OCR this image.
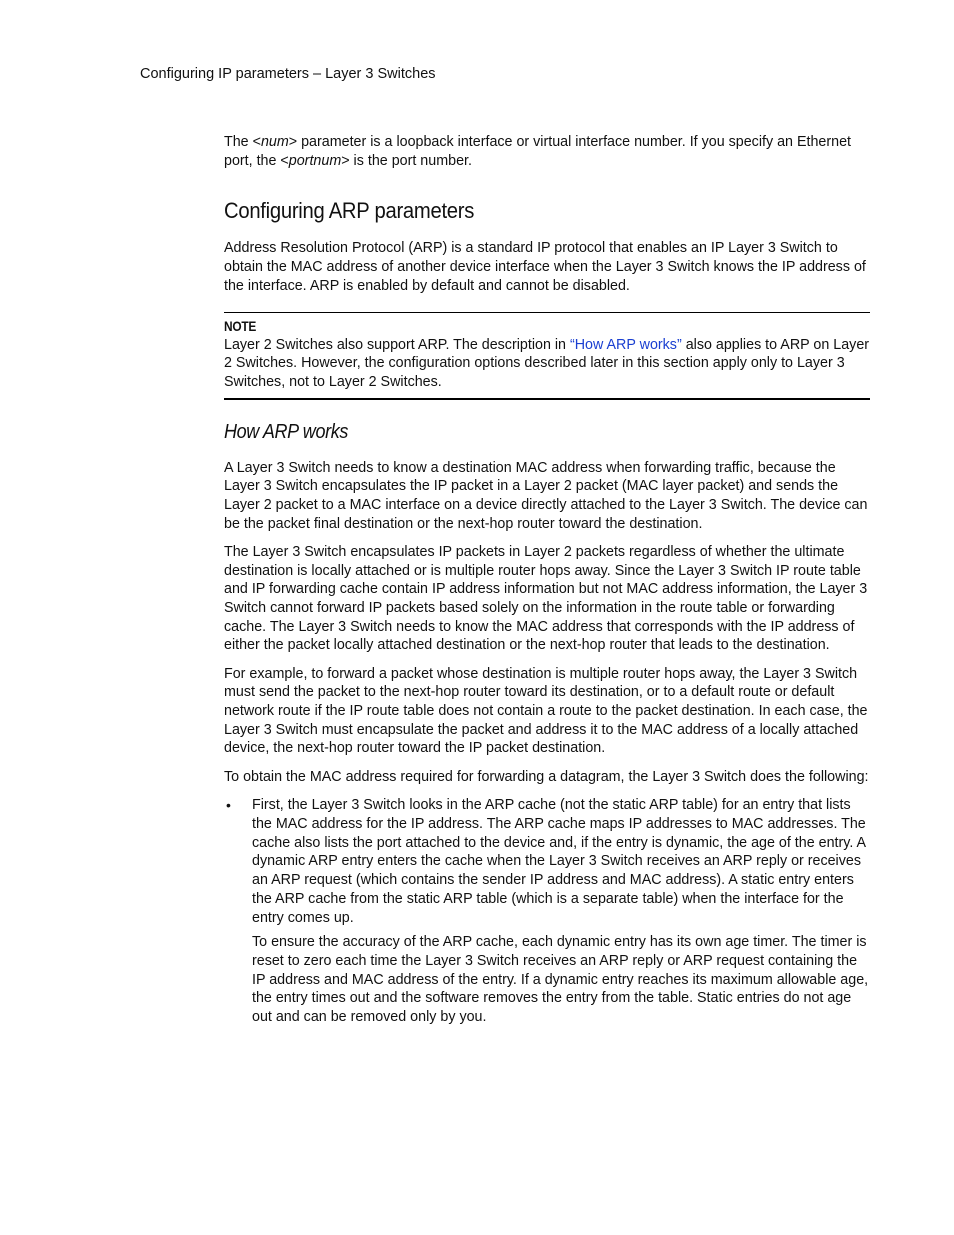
Configuring IP parameters – Layer 3 Switches

The <num> parameter is a loopback interface or virtual interface number. If you specify an Ethernet port, the <portnum> is the port number.

Configuring ARP parameters

Address Resolution Protocol (ARP) is a standard IP protocol that enables an IP Layer 3 Switch to obtain the MAC address of another device interface when the Layer 3 Switch knows the IP address of the interface. ARP is enabled by default and cannot be disabled.

NOTE

Layer 2 Switches also support ARP. The description in “How ARP works” also applies to ARP on Layer 2 Switches. However, the configuration options described later in this section apply only to Layer 3 Switches, not to Layer 2 Switches.

How ARP works

A Layer 3 Switch needs to know a destination MAC address when forwarding traffic, because the Layer 3 Switch encapsulates the IP packet in a Layer 2 packet (MAC layer packet) and sends the Layer 2 packet to a MAC interface on a device directly attached to the Layer 3 Switch. The device can be the packet final destination or the next-hop router toward the destination.

The Layer 3 Switch encapsulates IP packets in Layer 2 packets regardless of whether the ultimate destination is locally attached or is multiple router hops away. Since the Layer 3 Switch IP route table and IP forwarding cache contain IP address information but not MAC address information, the Layer 3 Switch cannot forward IP packets based solely on the information in the route table or forwarding cache. The Layer 3 Switch needs to know the MAC address that corresponds with the IP address of either the packet locally attached destination or the next-hop router that leads to the destination.

For example, to forward a packet whose destination is multiple router hops away, the Layer 3 Switch must send the packet to the next-hop router toward its destination, or to a default route or default network route if the IP route table does not contain a route to the packet destination. In each case, the Layer 3 Switch must encapsulate the packet and address it to the MAC address of a locally attached device, the next-hop router toward the IP packet destination.

To obtain the MAC address required for forwarding a datagram, the Layer 3 Switch does the following:

• First, the Layer 3 Switch looks in the ARP cache (not the static ARP table) for an entry that lists the MAC address for the IP address. The ARP cache maps IP addresses to MAC addresses. The cache also lists the port attached to the device and, if the entry is dynamic, the age of the entry. A dynamic ARP entry enters the cache when the Layer 3 Switch receives an ARP reply or receives an ARP request (which contains the sender IP address and MAC address). A static entry enters the ARP cache from the static ARP table (which is a separate table) when the interface for the entry comes up.

To ensure the accuracy of the ARP cache, each dynamic entry has its own age timer. The timer is reset to zero each time the Layer 3 Switch receives an ARP reply or ARP request containing the IP address and MAC address of the entry. If a dynamic entry reaches its maximum allowable age, the entry times out and the software removes the entry from the table. Static entries do not age out and can be removed only by you.
